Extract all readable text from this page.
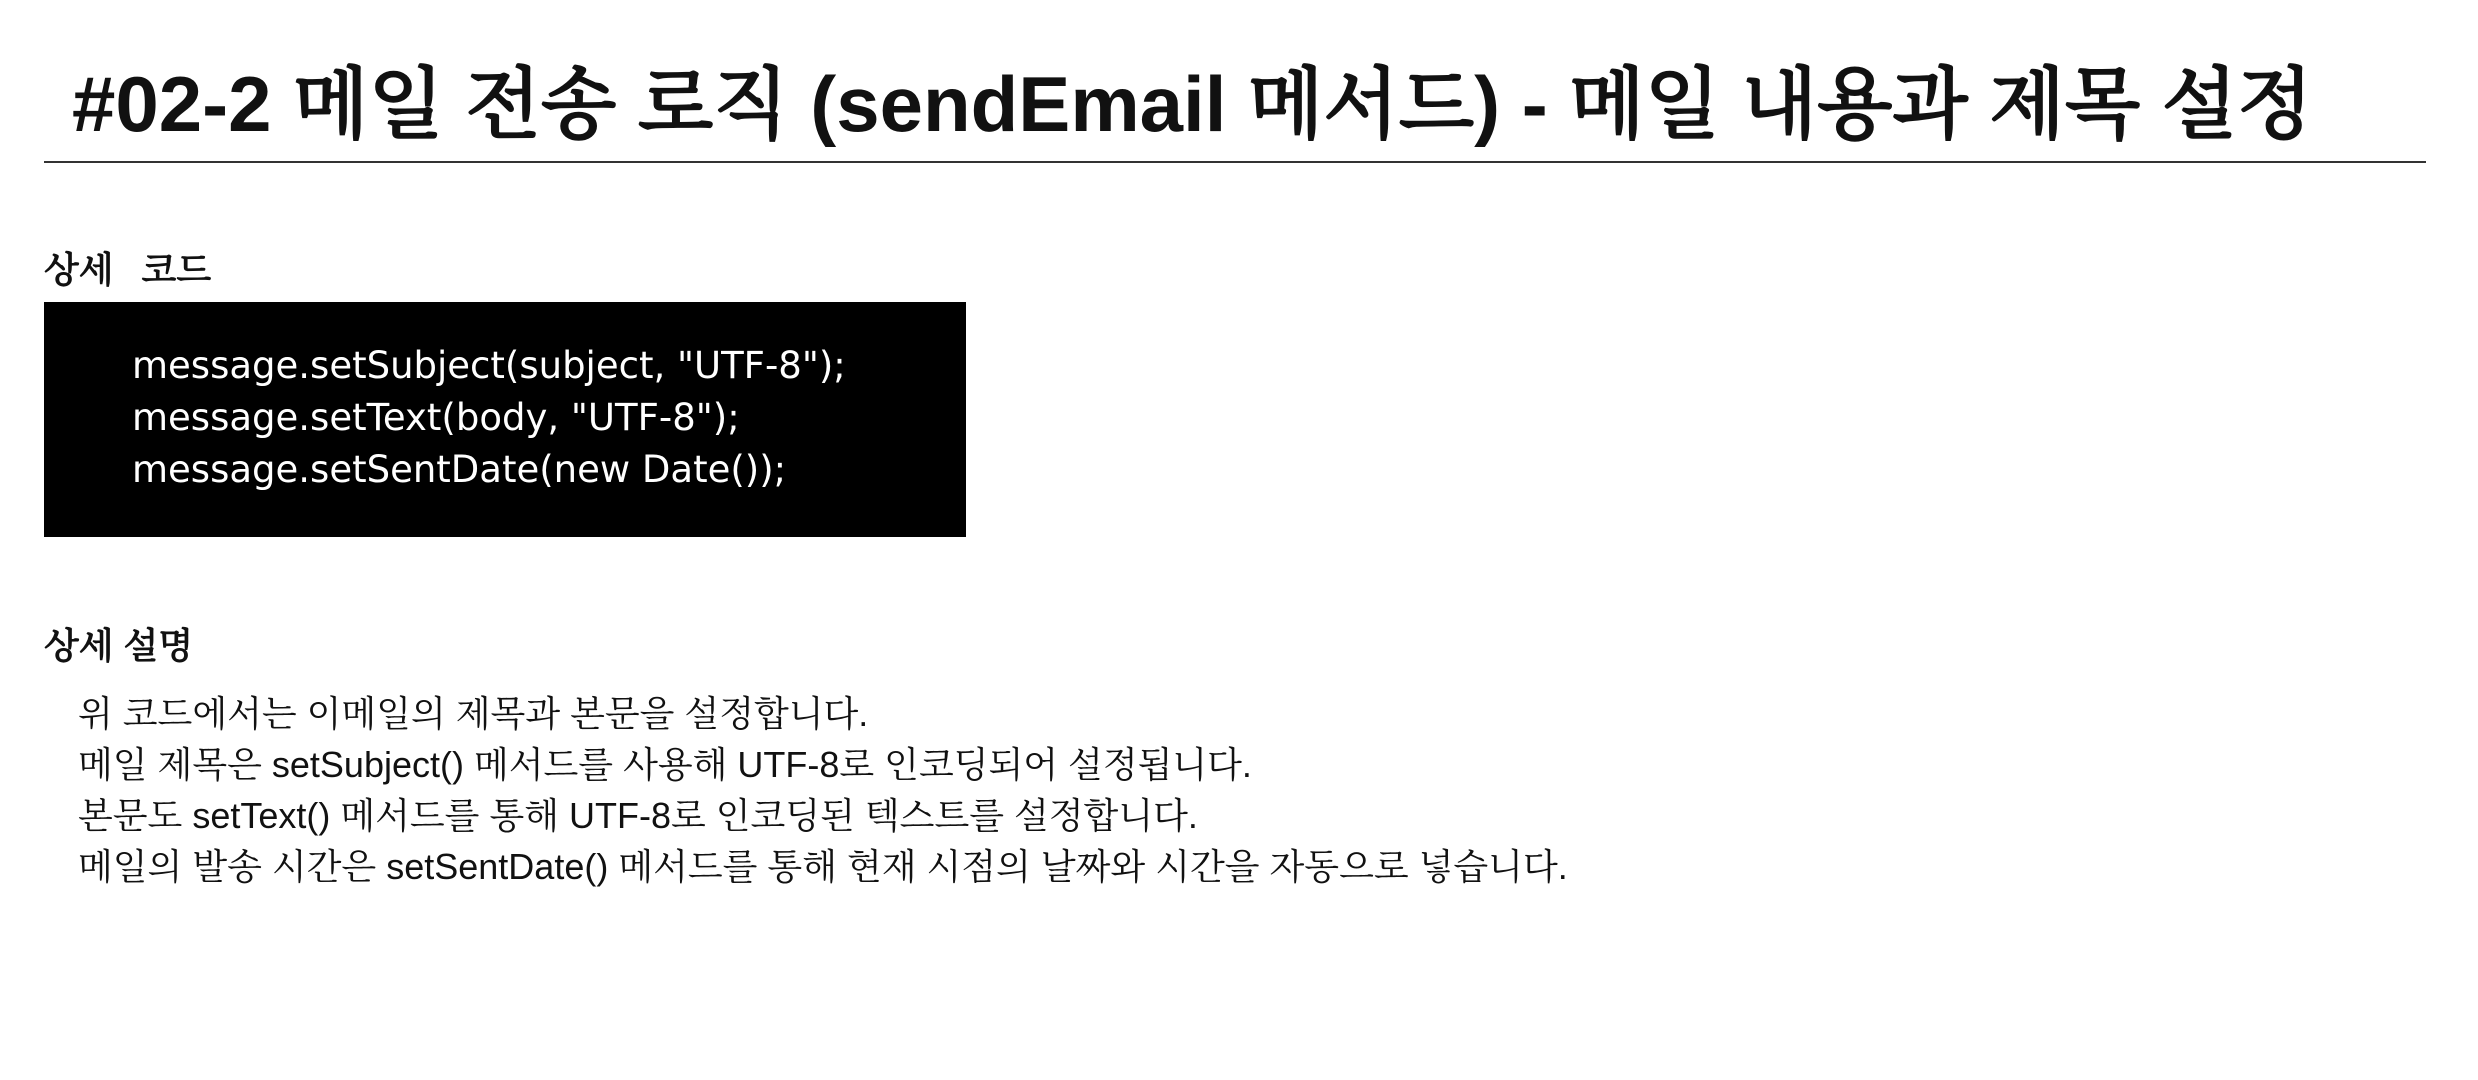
#02-2 메일 전송 로직 (sendEmail 메서드) - 메일 내용과 제목 설정
상세 코드
message.setSubject(subject, "UTF-8");
message.setText(body, "UTF-8");
message.setSentDate(new Date());
상세 설명
위 코드에서는 이메일의 제목과 본문을 설정합니다.
메일 제목은 setSubject() 메서드를 사용해 UTF-8로 인코딩되어 설정됩니다.
본문도 setText() 메서드를 통해 UTF-8로 인코딩된 텍스트를 설정합니다.
메일의 발송 시간은 setSentDate() 메서드를 통해 현재 시점의 날짜와 시간을 자동으로 넣습니다.
